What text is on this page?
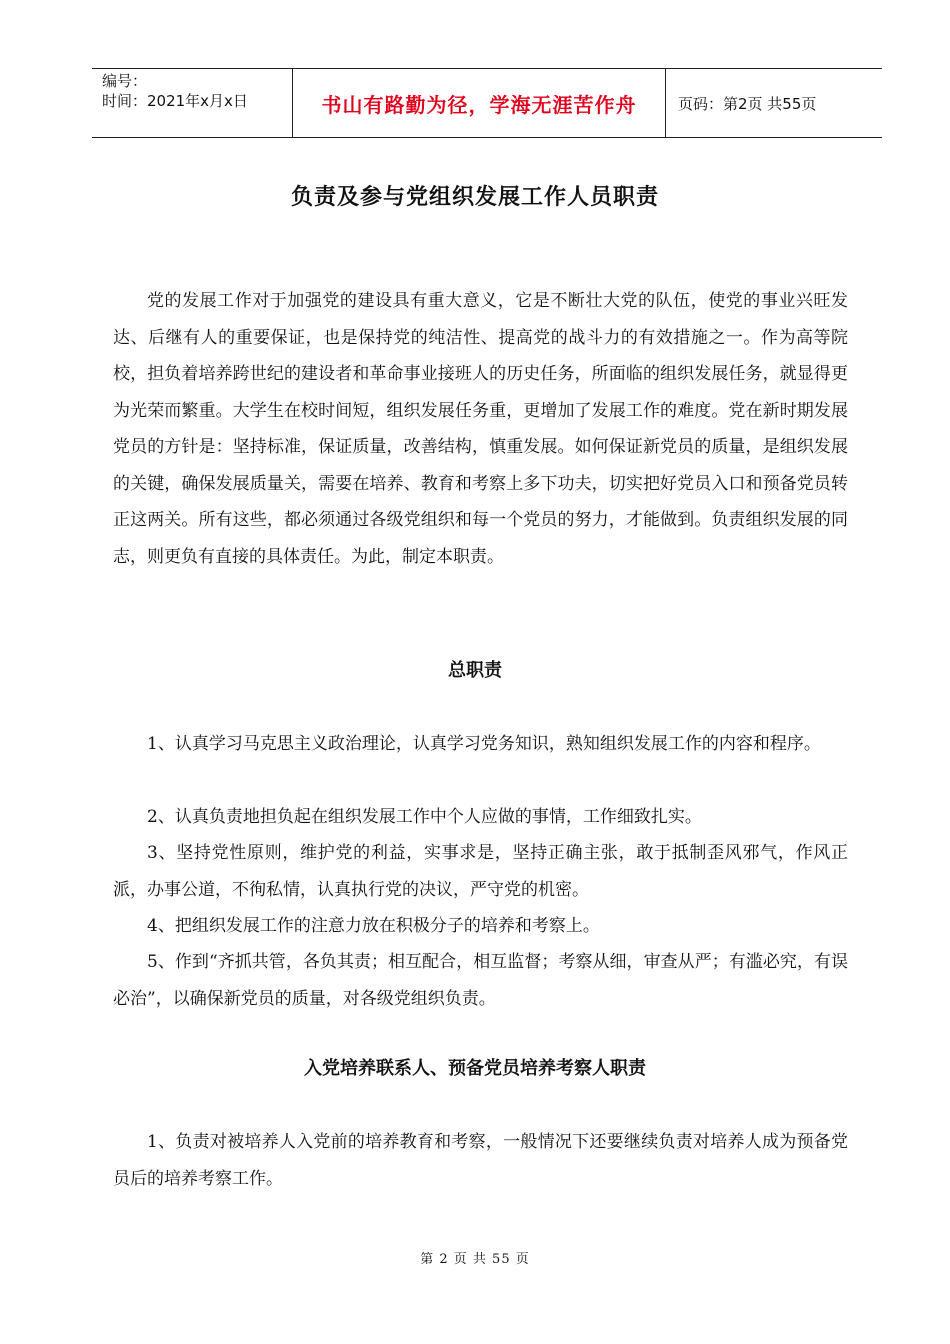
编号：
时间：2021年x月x日	书山有路勤为径，学海无涯苦作舟	页码：第2页 共55页
负责及参与党组织发展工作人员职责

党的发展工作对于加强党的建设具有重大意义，它是不断壮大党的队伍，使党的事业兴旺发达、后继有人的重要保证，也是保持党的纯洁性、提高党的战斗力的有效措施之一。作为高等院校，担负着培养跨世纪的建设者和革命事业接班人的历史任务，所面临的组织发展任务，就显得更为光荣而繁重。大学生在校时间短，组织发展任务重，更增加了发展工作的难度。党在新时期发展党员的方针是：坚持标准，保证质量，改善结构，慎重发展。如何保证新党员的质量，是组织发展的关键，确保发展质量关，需要在培养、教育和考察上多下功夫，切实把好党员入口和预备党员转正这两关。所有这些，都必须通过各级党组织和每一个党员的努力，才能做到。负责组织发展的同志，则更负有直接的具体责任。为此，制定本职责。

总职责

1、认真学习马克思主义政治理论，认真学习党务知识，熟知组织发展工作的内容和程序。

2、认真负责地担负起在组织发展工作中个人应做的事情，工作细致扎实。

3、坚持党性原则，维护党的利益，实事求是，坚持正确主张，敢于抵制歪风邪气，作风正派，办事公道，不徇私情，认真执行党的决议，严守党的机密。

4、把组织发展工作的注意力放在积极分子的培养和考察上。

5、作到“齐抓共管，各负其责；相互配合，相互监督；考察从细，审查从严；有滥必究，有误必治”，以确保新党员的质量，对各级党组织负责。

入党培养联系人、预备党员培养考察人职责

1、负责对被培养人入党前的培养教育和考察，一般情况下还要继续负责对培养人成为预备党员后的培养考察工作。

第 2 页 共 55 页
